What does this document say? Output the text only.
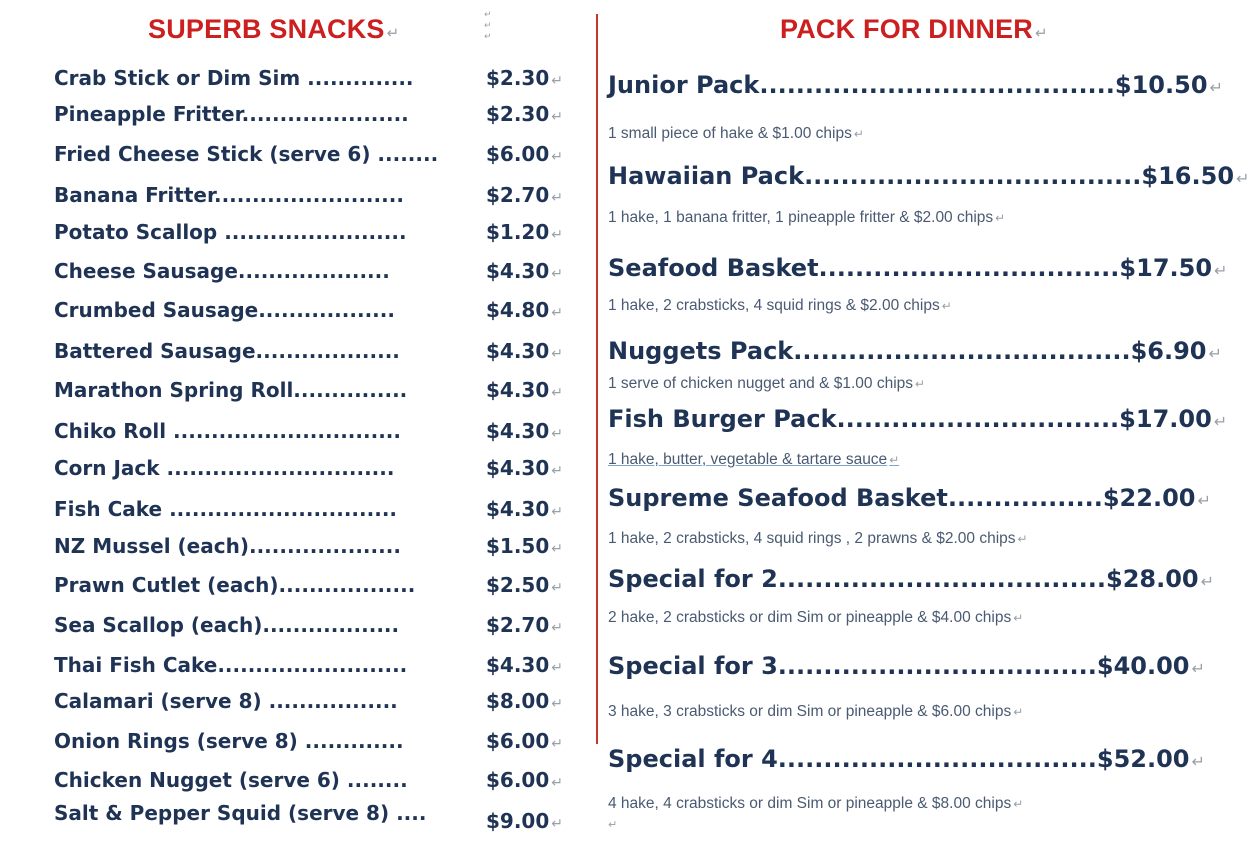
SUPERB SNACKS ↵
↵
↵
↵
Crab Stick or Dim Sim ..............	$2.30 ↵
Pineapple Fritter......................	$2.30 ↵
Fried Cheese Stick (serve 6) ........ $6.00 ↵
Banana Fritter.........................	$2.70 ↵
Potato Scallop ........................	$1.20 ↵
Cheese Sausage....................	$4.30 ↵
Crumbed Sausage..................	$4.80 ↵
Battered Sausage...................	$4.30 ↵
Marathon Spring Roll...............	$4.30 ↵
Chiko Roll ..............................	$4.30 ↵
Corn Jack ..............................	$4.30 ↵
Fish Cake ..............................	$4.30 ↵
NZ Mussel (each)....................	$1.50 ↵
Prawn Cutlet (each)..................	$2.50 ↵
Sea Scallop (each)..................	$2.70 ↵
Thai Fish Cake.........................	$4.30 ↵
Calamari (serve 8) .................	$8.00 ↵
Onion Rings (serve 8) .............	$6.00 ↵
Chicken Nugget (serve 6) ........	$6.00 ↵
Salt & Pepper Squid (serve 8) ....	$9.00 ↵
PACK FOR DINNER ↵
Junior Pack.......................................$10.50 ↵
1 small piece of hake & $1.00 chips ↵
Hawaiian Pack.....................................$16.50 ↵
1 hake, 1 banana fritter, 1 pineapple fritter & $2.00 chips ↵
Seafood Basket.................................$17.50 ↵
1 hake, 2 crabsticks, 4 squid rings & $2.00 chips ↵
Nuggets Pack.....................................$6.90 ↵
1 serve of chicken nugget and & $1.00 chips ↵
Fish Burger Pack...............................$17.00 ↵
1 hake, butter, vegetable & tartare sauce ↵
Supreme Seafood Basket.................$22.00 ↵
1 hake, 2 crabsticks, 4 squid rings , 2 prawns & $2.00 chips ↵
Special for 2....................................$28.00 ↵
2 hake, 2 crabsticks or dim Sim or pineapple & $4.00 chips ↵
Special for 3...................................$40.00 ↵
3 hake, 3 crabsticks or dim Sim or pineapple & $6.00 chips ↵
Special for 4...................................$52.00 ↵
4 hake, 4 crabsticks or dim Sim or pineapple & $8.00 chips ↵
↵
